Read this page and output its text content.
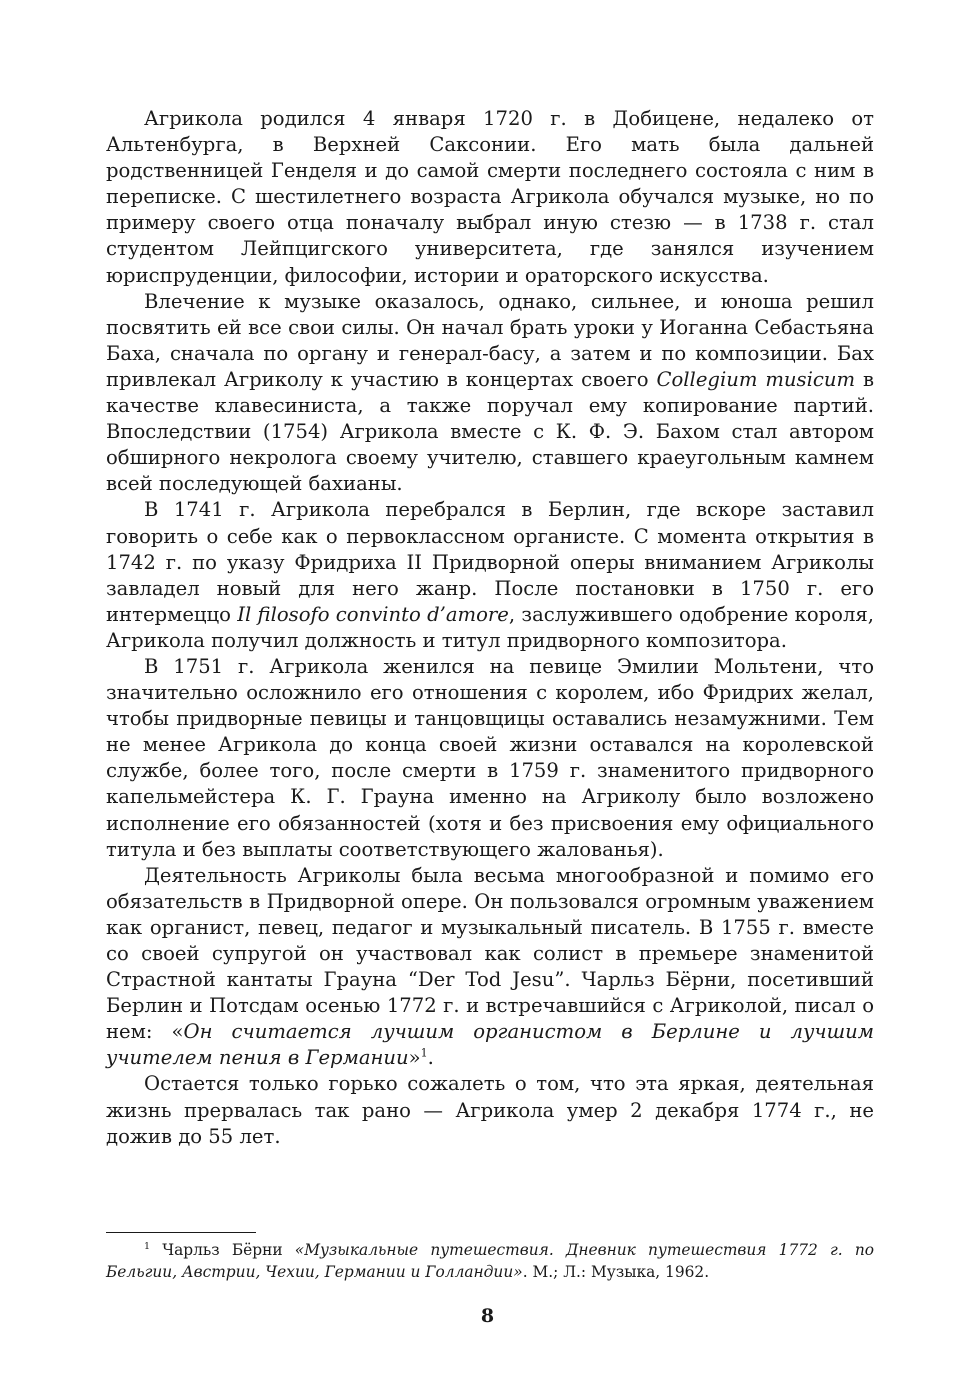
Агрикола родился 4 января 1720 г. в Добицене, недалеко от Альтенбурга, в Верхней Саксонии. Его мать была дальней родственницей Генделя и до самой смерти последнего состояла с ним в переписке. С шестилетнего возраста Агрикола обучался музыке, но по примеру своего отца поначалу выбрал иную стезю — в 1738 г. стал студентом Лейпцигского университета, где занялся изучением юриспруденции, философии, истории и ораторского искусства.

Влечение к музыке оказалось, однако, сильнее, и юноша решил посвятить ей все свои силы. Он начал брать уроки у Иоганна Себастьяна Баха, сначала по органу и генерал-басу, а затем и по композиции. Бах привлекал Агриколу к участию в концертах своего Collegium musicum в качестве клавесиниста, а также поручал ему копирование партий. Впоследствии (1754) Агрикола вместе с К. Ф. Э. Бахом стал автором обширного некролога своему учителю, ставшего краеугольным камнем всей последующей бахианы.

В 1741 г. Агрикола перебрался в Берлин, где вскоре заставил говорить о себе как о первоклассном органисте. С момента открытия в 1742 г. по указу Фридриха II Придворной оперы вниманием Агриколы завладел новый для него жанр. После постановки в 1750 г. его интермеццо Il filosofo convinto d’amore, заслужившего одобрение короля, Агрикола получил должность и титул придворного композитора.

В 1751 г. Агрикола женился на певице Эмилии Мольтени, что значительно осложнило его отношения с королем, ибо Фридрих желал, чтобы придворные певицы и танцовщицы оставались незамужними. Тем не менее Агрикола до конца своей жизни оставался на королевской службе, более того, после смерти в 1759 г. знаменитого придворного капельмейстера К. Г. Грауна именно на Агриколу было возложено исполнение его обязанностей (хотя и без присвоения ему официального титула и без выплаты соответствующего жалованья).

Деятельность Агриколы была весьма многообразной и помимо его обязательств в Придворной опере. Он пользовался огромным уважением как органист, певец, педагог и музыкальный писатель. В 1755 г. вместе со своей супругой он участвовал как солист в премьере знаменитой Страстной кантаты Грауна “Der Tod Jesu”. Чарльз Бёрни, посетивший Берлин и Потсдам осенью 1772 г. и встречавшийся с Агриколой, писал о нем: «Он считается лучшим органистом в Берлине и лучшим учителем пения в Германии»$^1$.

Остается только горько сожалеть о том, что эта яркая, деятельная жизнь прервалась так рано — Агрикола умер 2 декабря 1774 г., не дожив до 55 лет.

$^1$ Чарльз Бёрни «Музыкальные путешествия. Дневник путешествия 1772 г. по Бельгии, Австрии, Чехии, Германии и Голландии». М.; Л.: Музыка, 1962.
8
